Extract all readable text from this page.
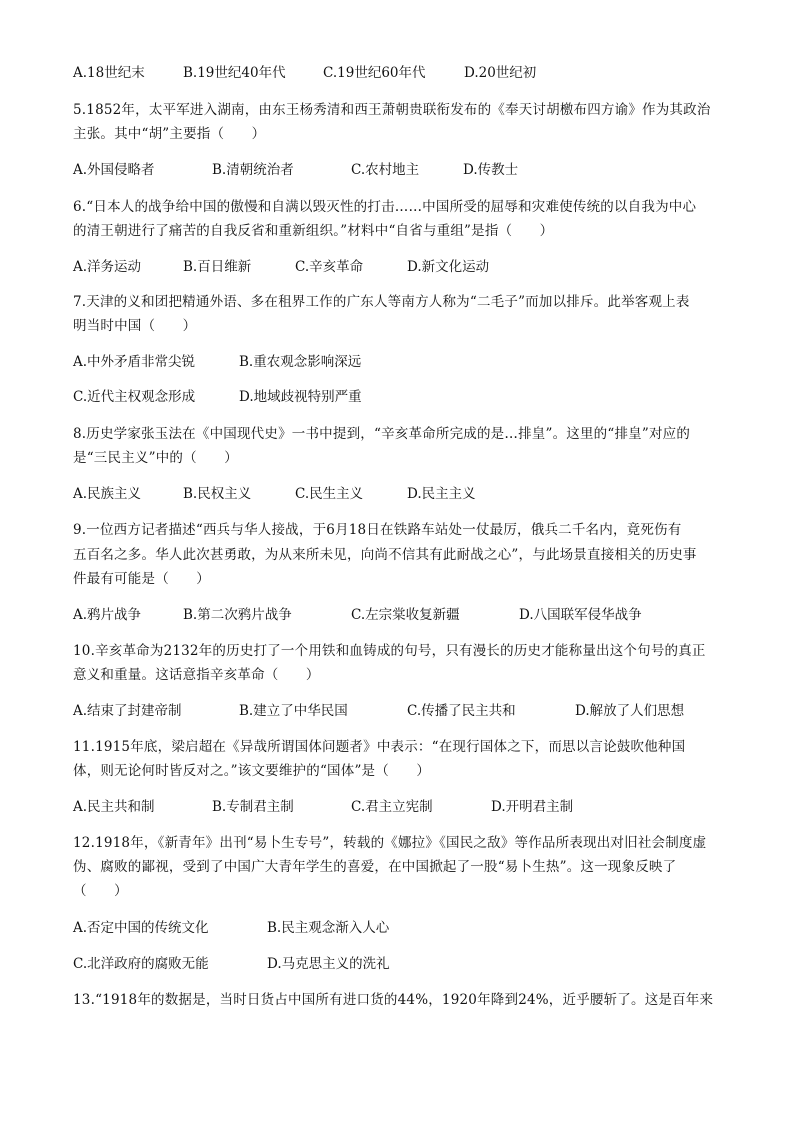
A.18世纪末	B.19世纪40年代	C.19世纪60年代	D.20世纪初
5.1852年，太平军进入湖南，由东王杨秀清和西王萧朝贵联衔发布的《奉天讨胡檄布四方谕》作为其政治
主张。其中“胡”主要指（　　）
A.外国侵略者	B.清朝统治者	C.农村地主	D.传教士
6.“日本人的战争给中国的傲慢和自满以毁灭性的打击……中国所受的屈辱和灾难使传统的以自我为中心
的清王朝进行了痛苦的自我反省和重新组织。”材料中“自省与重组”是指（　　）
A.洋务运动	B.百日维新	C.辛亥革命	D.新文化运动
7.天津的义和团把精通外语、多在租界工作的广东人等南方人称为“二毛子”而加以排斥。此举客观上表
明当时中国（　　）
A.中外矛盾非常尖锐	B.重农观念影响深远
C.近代主权观念形成	D.地域歧视特别严重
8.历史学家张玉法在《中国现代史》一书中提到，“辛亥革命所完成的是…排皇”。这里的“排皇”对应的
是“三民主义”中的（　　）
A.民族主义	B.民权主义	C.民生主义	D.民主主义
9.一位西方记者描述“西兵与华人接战，于6月18日在铁路车站处一仗最厉，俄兵二千名内，竟死伤有
五百名之多。华人此次甚勇敢，为从来所未见，向尚不信其有此耐战之心”，与此场景直接相关的历史事
件最有可能是（　　）
A.鸦片战争	B.第二次鸦片战争	C.左宗棠收复新疆	D.八国联军侵华战争
10.辛亥革命为2132年的历史打了一个用铁和血铸成的句号，只有漫长的历史才能称量出这个句号的真正
意义和重量。这话意指辛亥革命（　　）
A.结束了封建帝制	B.建立了中华民国	C.传播了民主共和	D.解放了人们思想
11.1915年底，梁启超在《异哉所谓国体问题者》中表示：“在现行国体之下，而思以言论鼓吹他种国
体，则无论何时皆反对之。”该文要维护的“国体”是（　　）
A.民主共和制	B.专制君主制	C.君主立宪制	D.开明君主制
12.1918年，《新青年》出刊“易卜生专号”，转载的《娜拉》《国民之敌》等作品所表现出对旧社会制度虚
伪、腐败的鄙视，受到了中国广大青年学生的喜爱，在中国掀起了一股“易卜生热”。这一现象反映了
（　　）
A.否定中国的传统文化	B.民主观念渐入人心
C.北洋政府的腐败无能	D.马克思主义的洗礼
13.“1918年的数据是，当时日货占中国所有进口货的44%，1920年降到24%，近乎腰斩了。这是百年来
